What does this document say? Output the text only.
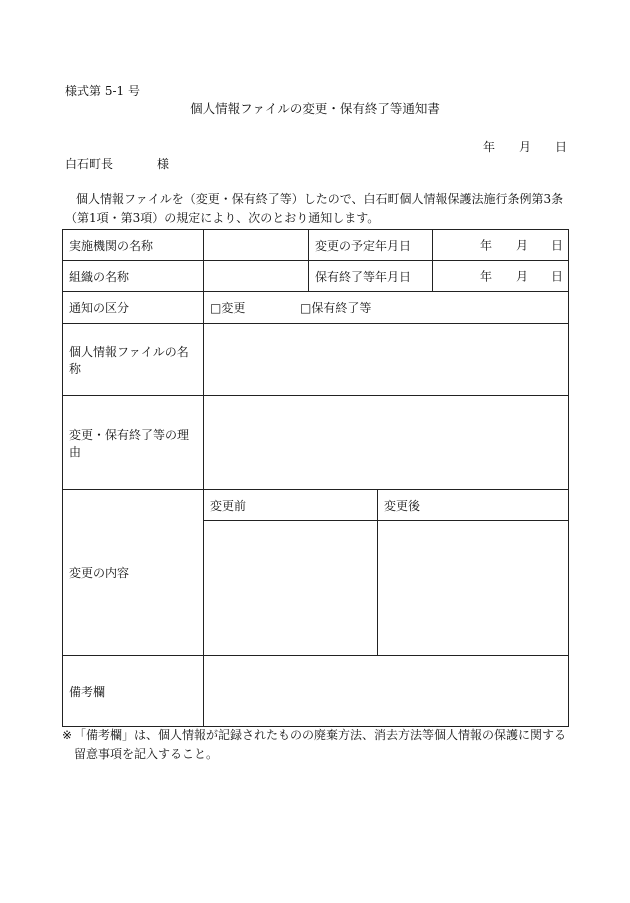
様式第 5-1 号
個人情報ファイルの変更・保有終了等通知書
年 月 日
白石町長	様
個人情報ファイルを（変更・保有終了等）したので、白石町個人情報保護法施行条例第3条（第1項・第3項）の規定により、次のとおり通知します。
実施機関の名称		変更の予定年月日		年 月 日

組織の名称		保有終了等年月日		年 月 日

通知の区分	□変更 □保有終了等			
個人情報ファイルの名称				
変更・保有終了等の理由				
変更の内容	変更前		変更後	

備考欄				
※ 「備考欄」は、個人情報が記録されたものの廃棄方法、消去方法等個人情報の保護に関する留意事項を記入すること。
